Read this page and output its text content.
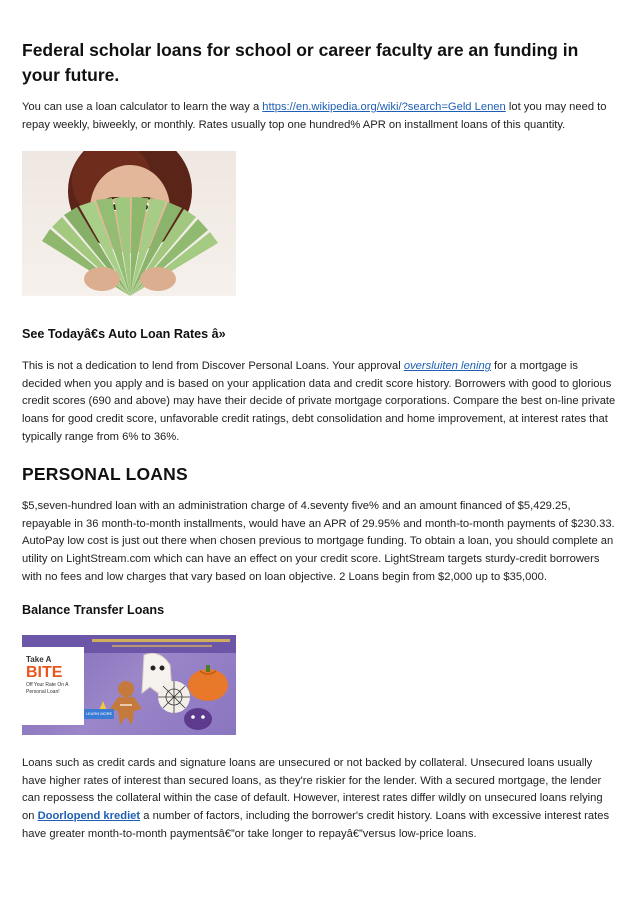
Federal scholar loans for school or career faculty are an funding in your future.

You can use a loan calculator to learn the way a https://en.wikipedia.org/wiki/?search=Geld Lenen lot you may need to repay weekly, biweekly, or monthly. Rates usually top one hundred% APR on installment loans of this quantity.

See Todayâ€s Auto Loan Rates â»

This is not a dedication to lend from Discover Personal Loans. Your approval oversluiten lening for a mortgage is decided when you apply and is based on your application data and credit score history. Borrowers with good to glorious credit scores (690 and above) may have their decide of private mortgage corporations. Compare the best on-line private loans for good credit score, unfavorable credit ratings, debt consolidation and home improvement, at interest rates that typically range from 6% to 36%.

PERSONAL LOANS

$5,seven-hundred loan with an administration charge of 4.seventy five% and an amount financed of $5,429.25, repayable in 36 month-to-month installments, would have an APR of 29.95% and month-to-month payments of $230.33. AutoPay low cost is just out there when chosen previous to mortgage funding. To obtain a loan, you should complete an utility on LightStream.com which can have an effect on your credit score. LightStream targets sturdy-credit borrowers with no fees and low charges that vary based on loan objective. 2 Loans begin from $2,000 up to $35,000.

Balance Transfer Loans
Take A
BITE
Off Your Rate On A Personal Loan!
LEARN MORE

Loans such as credit cards and signature loans are unsecured or not backed by collateral. Unsecured loans usually have higher rates of interest than secured loans, as they're riskier for the lender. With a secured mortgage, the lender can repossess the collateral within the case of default. However, interest rates differ wildly on unsecured loans relying on Doorlopend krediet a number of factors, including the borrower's credit history. Loans with excessive interest rates have greater month-to-month paymentsâ€”or take longer to repayâ€”versus low-price loans.
